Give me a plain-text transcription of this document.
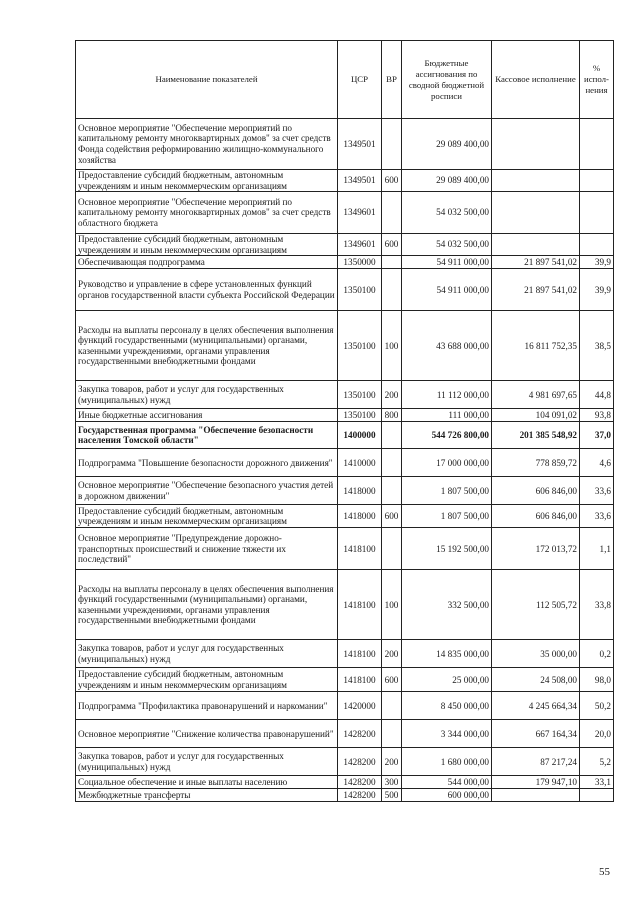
Наименование показателей	ЦСР	ВР	Бюджетные ассигнования по сводной бюджетной росписи	Кассовое исполнение	% испол-нения
Основное мероприятие "Обеспечение мероприятий по капитальному ремонту многоквартирных домов" за счет средств Фонда содействия реформированию жилищно-коммунального хозяйства	1349501		29 089 400,00		
Предоставление субсидий бюджетным, автономным учреждениям и иным некоммерческим организациям	1349501	600	29 089 400,00		
Основное мероприятие "Обеспечение мероприятий по капитальному ремонту многоквартирных домов" за счет средств областного бюджета	1349601		54 032 500,00		
Предоставление субсидий бюджетным, автономным учреждениям и иным некоммерческим организациям	1349601	600	54 032 500,00		
Обеспечивающая подпрограмма	1350000		54 911 000,00	21 897 541,02	39,9
Руководство и управление в сфере установленных функций органов государственной власти субъекта Российской Федерации	1350100		54 911 000,00	21 897 541,02	39,9
Расходы на выплаты персоналу в целях обеспечения выполнения функций государственными (муниципальными) органами, казенными учреждениями, органами управления государственными внебюджетными фондами	1350100	100	43 688 000,00	16 811 752,35	38,5
Закупка товаров, работ и услуг для государственных (муниципальных) нужд	1350100	200	11 112 000,00	4 981 697,65	44,8
Иные бюджетные ассигнования	1350100	800	111 000,00	104 091,02	93,8
Государственная программа "Обеспечение безопасности населения Томской области"	1400000		544 726 800,00	201 385 548,92	37,0
Подпрограмма "Повышение безопасности дорожного движения"	1410000		17 000 000,00	778 859,72	4,6
Основное мероприятие "Обеспечение безопасного участия детей в дорожном движении"	1418000		1 807 500,00	606 846,00	33,6
Предоставление субсидий бюджетным, автономным учреждениям и иным некоммерческим организациям	1418000	600	1 807 500,00	606 846,00	33,6
Основное мероприятие "Предупреждение дорожно-транспортных происшествий и снижение тяжести их последствий"	1418100		15 192 500,00	172 013,72	1,1
Расходы на выплаты персоналу в целях обеспечения выполнения функций государственными (муниципальными) органами, казенными учреждениями, органами управления государственными внебюджетными фондами	1418100	100	332 500,00	112 505,72	33,8
Закупка товаров, работ и услуг для государственных (муниципальных) нужд	1418100	200	14 835 000,00	35 000,00	0,2
Предоставление субсидий бюджетным, автономным учреждениям и иным некоммерческим организациям	1418100	600	25 000,00	24 508,00	98,0
Подпрограмма "Профилактика правонарушений и наркомании"	1420000		8 450 000,00	4 245 664,34	50,2
Основное мероприятие "Снижение количества правонарушений"	1428200		3 344 000,00	667 164,34	20,0
Закупка товаров, работ и услуг для государственных (муниципальных) нужд	1428200	200	1 680 000,00	87 217,24	5,2
Социальное обеспечение и иные выплаты населению	1428200	300	544 000,00	179 947,10	33,1
Межбюджетные трансферты	1428200	500	600 000,00		
55
